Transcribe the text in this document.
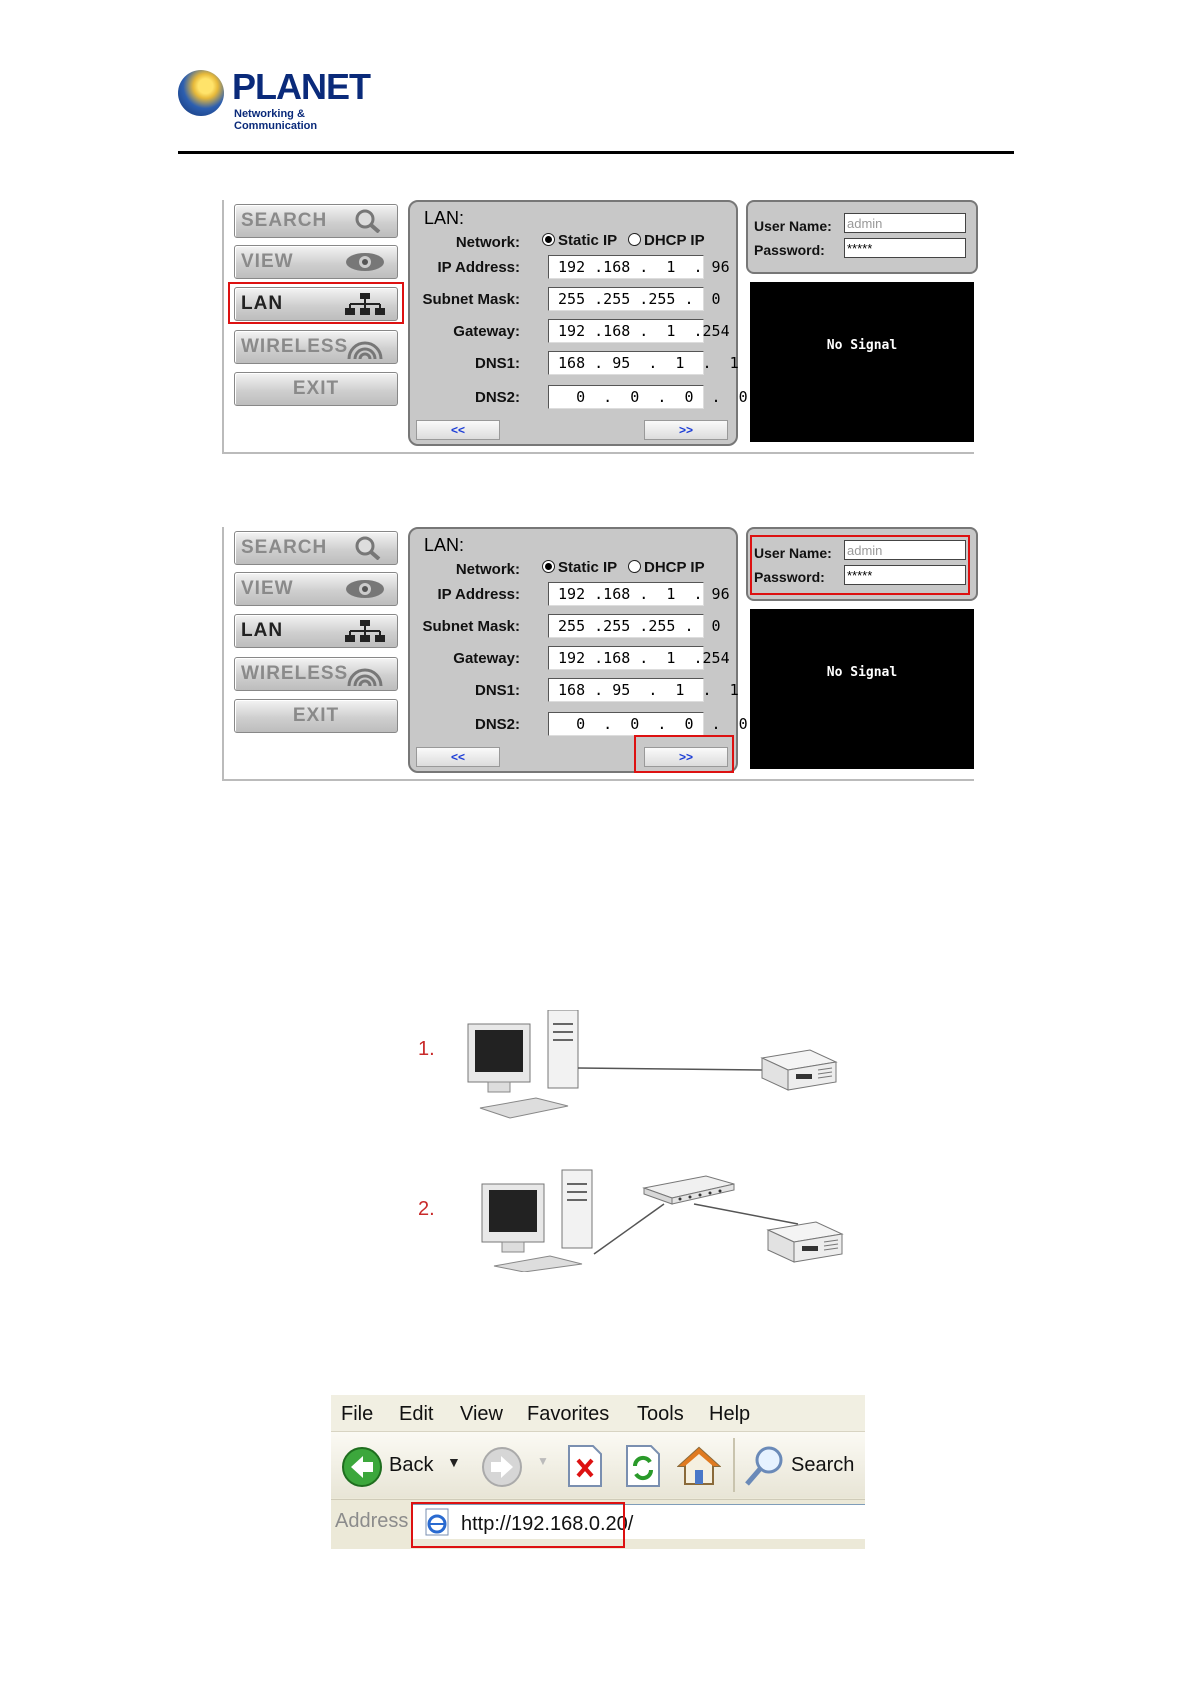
PLANET
Networking & Communication
SEARCH
VIEW
LAN
WIRELESS
EXIT
LAN:
Network:	Static IP	DHCP IP
IP Address: 192 .168 .  1  . 96
Subnet Mask: 255 .255 .255 .  0
Gateway: 192 .168 .  1  .254
DNS1: 168 . 95  .  1  .  1
DNS2: 0  .  0  .  0  .  0
<<	>>
User Name: admin
Password: *****
No Signal
SEARCH
VIEW
LAN
WIRELESS
EXIT
LAN:
Network:	Static IP	DHCP IP
IP Address: 192 .168 .  1  . 96
Subnet Mask: 255 .255 .255 .  0
Gateway: 192 .168 .  1  .254
DNS1: 168 . 95  .  1  .  1
DNS2: 0  .  0  .  0  .  0
<<	>>
User Name: admin
Password: *****
No Signal
1.
2.
File Edit View Favorites Tools Help
Back ▼	▼	Search
Address	http://192.168.0.20/
